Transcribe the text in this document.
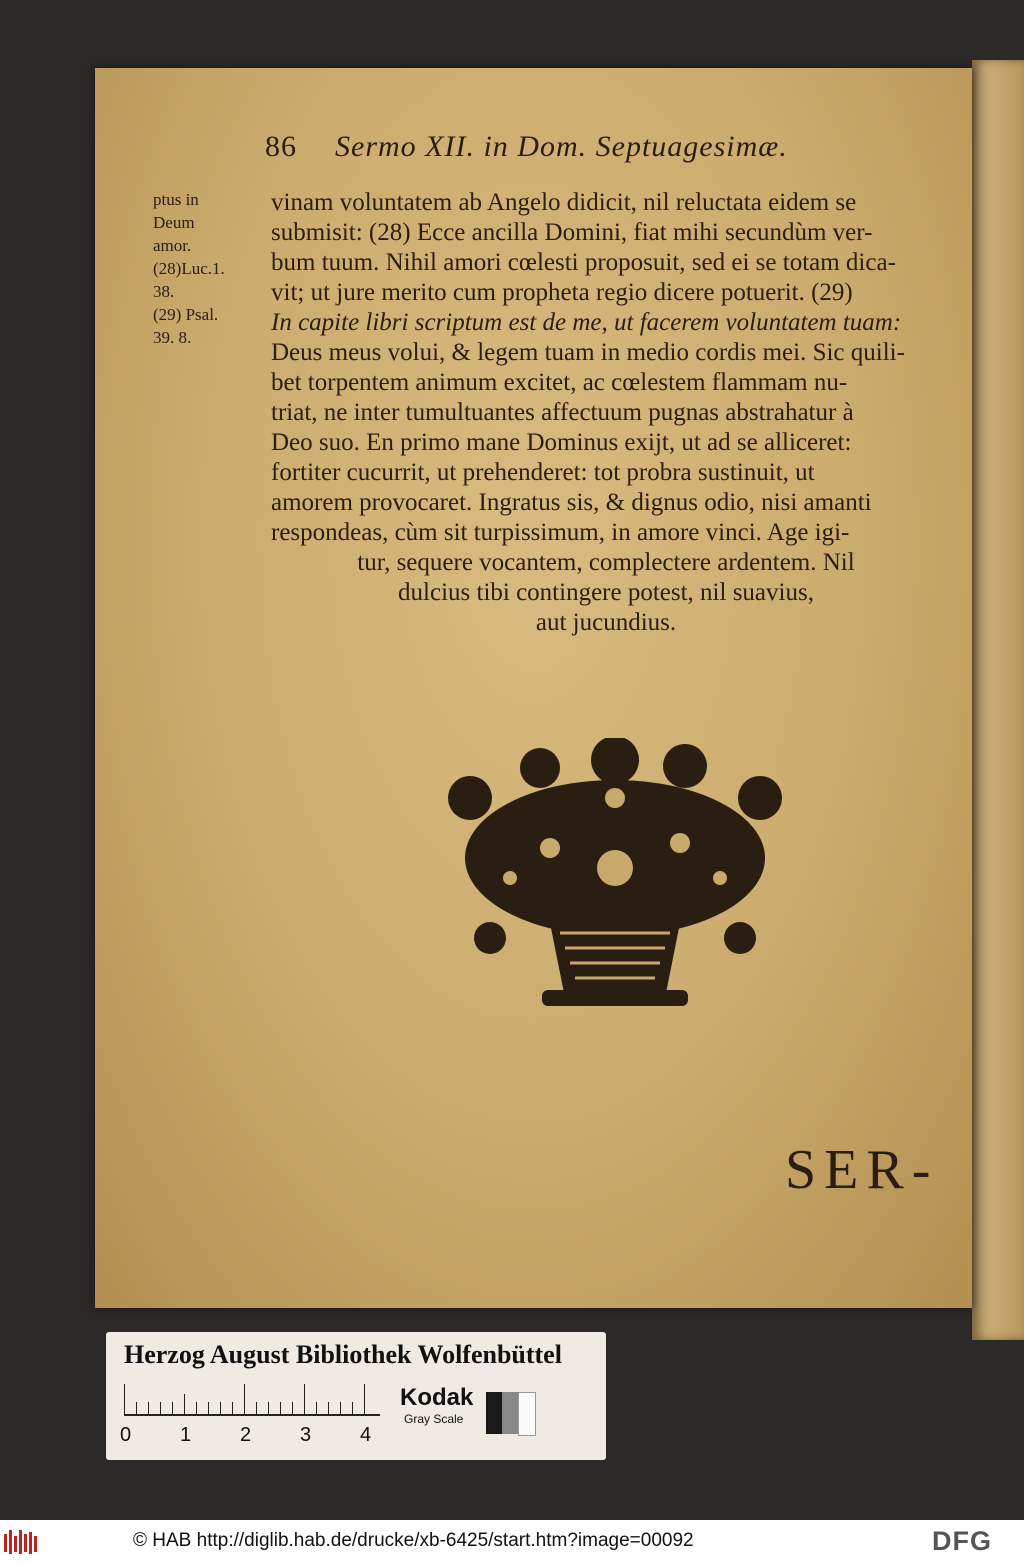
86 Sermo XII. in Dom. Septuagesimæ.
ptus in
Deum
amor.
(28)Luc.1.
38.
(29) Psal.
39. 8.
vinam voluntatem ab Angelo didicit, nil reluctata eidem se
submisit: (28) Ecce ancilla Domini, fiat mihi secundùm ver-
bum tuum. Nihil amori cœlesti proposuit, sed ei se totam dica-
vit; ut jure merito cum propheta regio dicere potuerit. (29)
In capite libri scriptum est de me, ut facerem voluntatem tuam:
Deus meus volui, & legem tuam in medio cordis mei. Sic quili-
bet torpentem animum excitet, ac cœlestem flammam nu-
triat, ne inter tumultuantes affectuum pugnas abstrahatur à
Deo suo. En primo mane Dominus exijt, ut ad se alliceret:
fortiter cucurrit, ut prehenderet: tot probra sustinuit, ut
amorem provocaret. Ingratus sis, & dignus odio, nisi amanti
respondeas, cùm sit turpissimum, in amore vinci. Age igi-
tur, sequere vocantem, complectere ardentem. Nil
dulcius tibi contingere potest, nil suavius,
aut jucundius.
SER-
Herzog August Bibliothek Wolfenbüttel
0 1 2 3 4
Kodak
Gray Scale
© HAB http://diglib.hab.de/drucke/xb-6425/start.htm?image=00092	DFG
